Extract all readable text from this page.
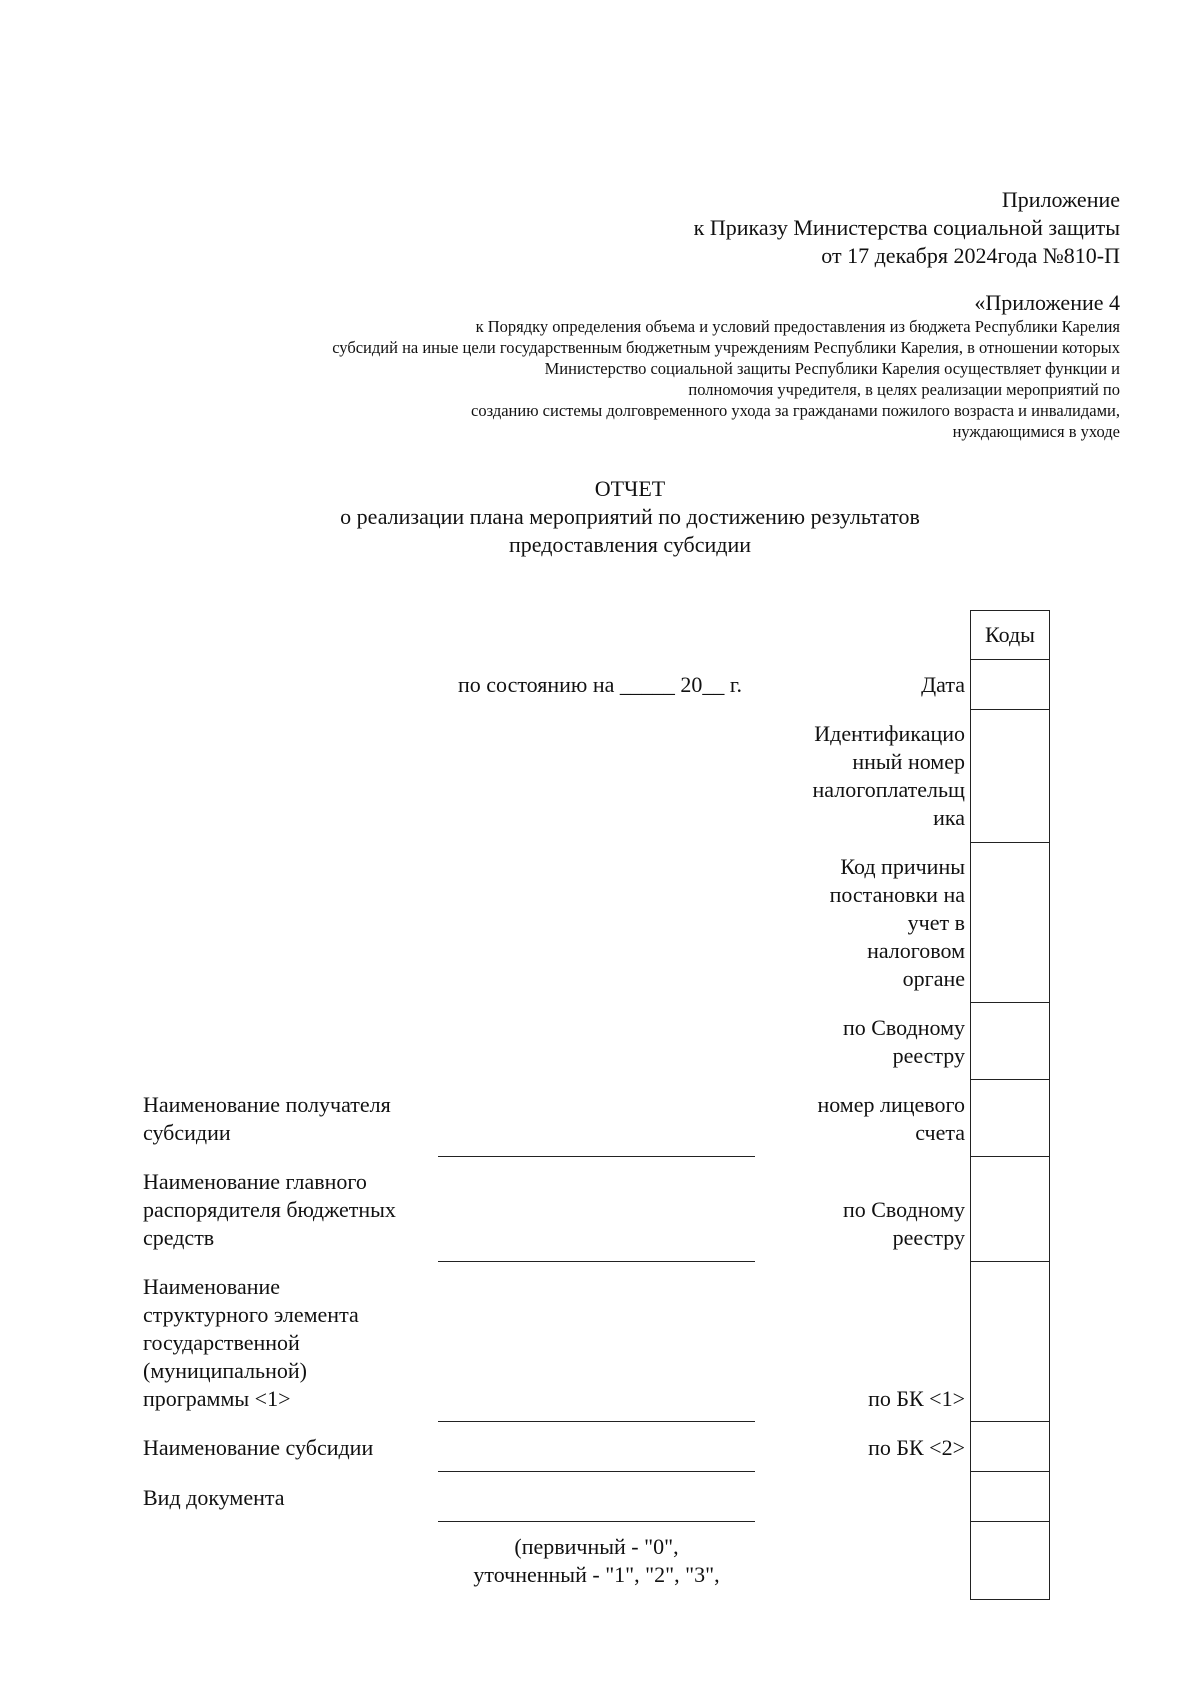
Приложение
к Приказу Министерства социальной защиты
от 17 декабря 2024года №810-П
«Приложение 4
к Порядку определения объема и условий предоставления из бюджета Республики Карелия
субсидий на иные цели государственным бюджетным учреждениям Республики Карелия, в отношении которых
Министерство социальной защиты Республики Карелия осуществляет функции и
полномочия учредителя, в целях реализации мероприятий по
созданию системы долговременного ухода за гражданами пожилого возраста и инвалидами,
нуждающимися в уходе
ОТЧЕТ
о реализации плана мероприятий по достижению результатов
предоставления субсидии
Коды
по состоянию на _____ 20__ г.	Дата
Идентификацио
нный номер
налогоплательщ
ика
Код причины
постановки на
учет в
налоговом
органе
по Сводному
реестру
номер лицевого
счета
по Сводному
реестру
по БК <1>
по БК <2>
Наименование получателя
субсидии
Наименование главного
распорядителя бюджетных
средств
Наименование
структурного элемента
государственной
(муниципальной)
программы <1>
Наименование субсидии
Вид документа
(первичный - "0",
уточненный - "1", "2", "3",
